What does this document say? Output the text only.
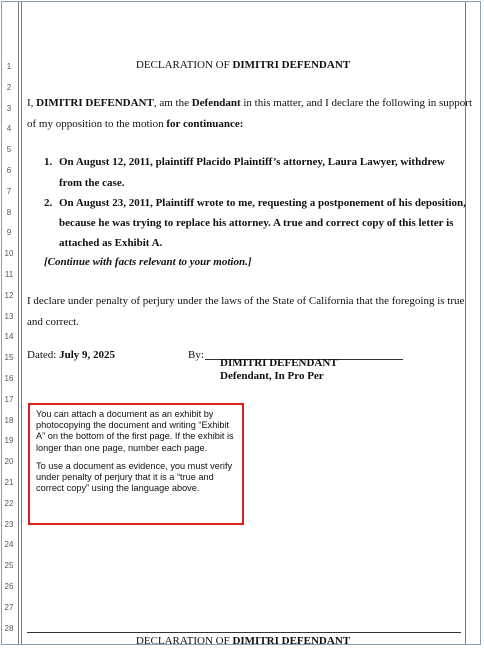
1
2
3
4
5
6
7
8
9
10
11
12
13
14
15
16
17
18
19
20
21
22
23
24
25
26
27
28
DECLARATION OF DIMITRI DEFENDANT
I, DIMITRI DEFENDANT, am the Defendant in this matter, and I declare the following in support
of my opposition to the motion for continuance:
1. On August 12, 2011, plaintiff Placido Plaintiff’s attorney, Laura Lawyer, withdrew
from the case.
2. On August 23, 2011, Plaintiff wrote to me, requesting a postponement of his deposition,
because he was trying to replace his attorney. A true and correct copy of this letter is
attached as Exhibit A.
[Continue with facts relevant to your motion.]
I declare under penalty of perjury under the laws of the State of California that the foregoing is true
and correct.
Dated: July 9, 2025	By:
DIMITRI DEFENDANT
Defendant, In Pro Per

You can attach a document as an exhibit by photocopying the document and writing “Exhibit A” on the bottom of the first page. If the exhibit is longer than one page, number each page.

To use a document as evidence, you must verify under penalty of perjury that it is a “true and correct copy” using the language above.

DECLARATION OF DIMITRI DEFENDANT
